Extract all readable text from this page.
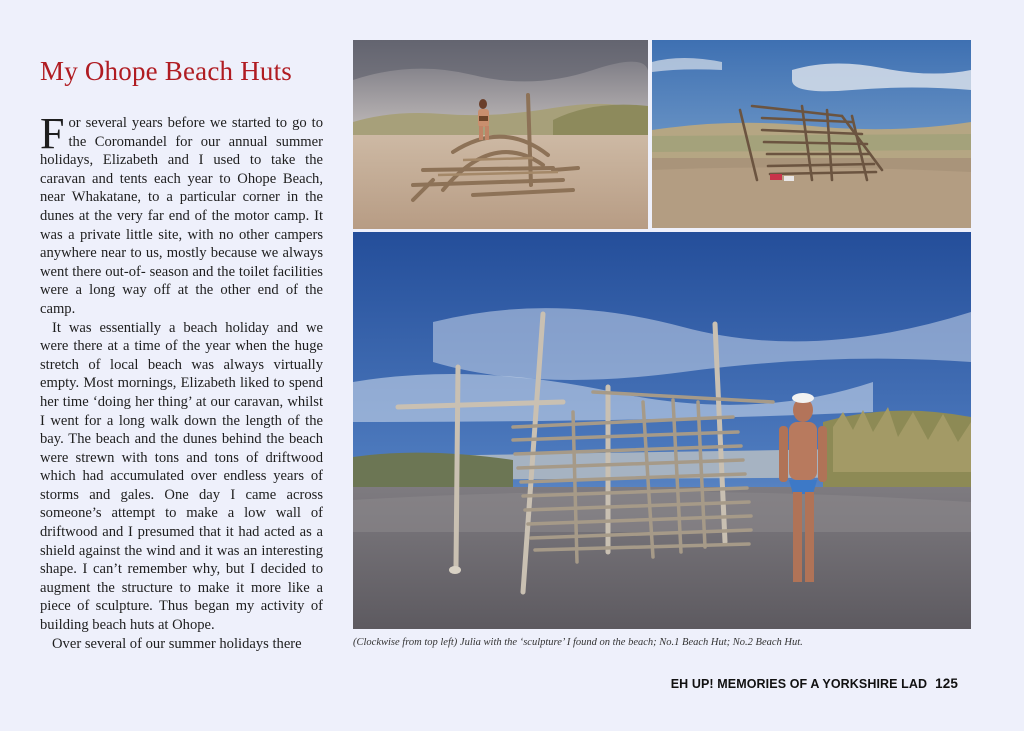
My Ohope Beach Huts

For several years before we started to go to the Coromandel for our annual summer holidays, Elizabeth and I used to take the caravan and tents each year to Ohope Beach, near Whakatane, to a particular corner in the dunes at the very far end of the motor camp. It was a private little site, with no other campers anywhere near to us, mostly because we always went there out-of- season and the toilet facilities were a long way off at the other end of the camp.

It was essentially a beach holiday and we were there at a time of the year when the huge stretch of local beach was always virtually empty. Most mornings, Elizabeth liked to spend her time ‘doing her thing’ at our caravan, whilst I went for a long walk down the length of the bay. The beach and the dunes behind the beach were strewn with tons and tons of driftwood which had accumulated over endless years of storms and gales. One day I came across someone’s attempt to make a low wall of driftwood and I presumed that it had acted as a shield against the wind and it was an interesting shape. I can’t remember why, but I decided to augment the structure to make it more like a piece of sculpture. Thus began my activity of building beach huts at Ohope.

Over several of our summer holidays there	(Clockwise from top left) Julia with the ‘sculpture’ I found on the beach; No.1 Beach Hut; No.2 Beach Hut.
EH UP! MEMORIES OF A YORKSHIRE LAD 125
